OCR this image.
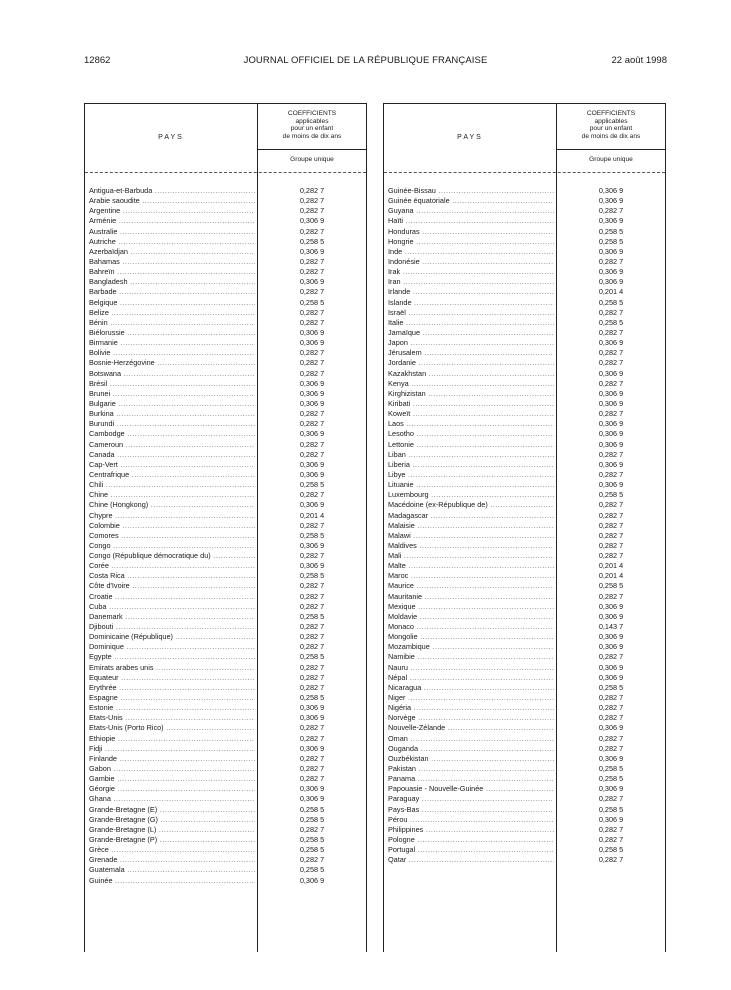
12862	JOURNAL OFFICIEL DE LA RÉPUBLIQUE FRANÇAISE	22 août 1998
PAYS
COEFFICIENTS
applicables
pour un enfant
de moins de dix ans
Groupe unique
Antigua-et-Barbuda .....	0,282 7
Arabie saoudite .....	0,282 7
Argentine .....	0,282 7
Arménie .....	0,306 9
Australie .....	0,282 7
Autriche .....	0,258 5
Azerbaïdjan .....	0,306 9
Bahamas .....	0,282 7
Bahreïn .....	0,282 7
Bangladesh .....	0,306 9
Barbade .....	0,282 7
Belgique .....	0,258 5
Belize .....	0,282 7
Bénin .....	0,282 7
Biélorussie .....	0,306 9
Birmanie .....	0,306 9
Bolivie .....	0,282 7
Bosnie-Herzégovine .....	0,282 7
Botswana .....	0,282 7
Brésil .....	0,306 9
Brunei .....	0,306 9
Bulgarie .....	0,306 9
Burkina .....	0,282 7
Burundi .....	0,282 7
Cambodge .....	0,306 9
Cameroun .....	0,282 7
Canada .....	0,282 7
Cap-Vert .....	0,306 9
Centrafrique .....	0,306 9
Chili .....	0,258 5
Chine .....	0,282 7
Chine (Hongkong) .....	0,306 9
Chypre .....	0,201 4
Colombie .....	0,282 7
Comores .....	0,258 5
Congo .....	0,306 9
Congo (République démocratique du) .....	0,282 7
Corée .....	0,306 9
Costa Rica .....	0,258 5
Côte d'Ivoire .....	0,282 7
Croatie .....	0,282 7
Cuba .....	0,282 7
Danemark .....	0,258 5
Djibouti .....	0,282 7
Dominicaine (République) .....	0,282 7
Dominique .....	0,282 7
Egypte .....	0,258 5
Emirats arabes unis .....	0,282 7
Equateur .....	0,282 7
Erythrée .....	0,282 7
Espagne .....	0,258 5
Estonie .....	0,306 9
Etats-Unis .....	0,306 9
Etats-Unis (Porto Rico) .....	0,282 7
Ethiopie .....	0,282 7
Fidji .....	0,306 9
Finlande .....	0,282 7
Gabon .....	0,282 7
Gambie .....	0,282 7
Géorgie .....	0,306 9
Ghana .....	0,306 9
Grande-Bretagne (E) .....	0,258 5
Grande-Bretagne (G) .....	0,258 5
Grande-Bretagne (L) .....	0,282 7
Grande-Bretagne (P) .....	0,258 5
Grèce .....	0,258 5
Grenade .....	0,282 7
Guatemala .....	0,258 5
Guinée .....	0,306 9
PAYS
COEFFICIENTS
applicables
pour un enfant
de moins de dix ans
Groupe unique
Guinée-Bissau .....	0,306 9
Guinée équatoriale .....	0,306 9
Guyana .....	0,282 7
Haïti .....	0,306 9
Honduras .....	0,258 5
Hongrie .....	0,258 5
Inde .....	0,306 9
Indonésie .....	0,282 7
Irak .....	0,306 9
Iran .....	0,306 9
Irlande .....	0,201 4
Islande .....	0,258 5
Israël .....	0,282 7
Italie .....	0,258 5
Jamaïque .....	0,282 7
Japon .....	0,306 9
Jérusalem .....	0,282 7
Jordanie .....	0,282 7
Kazakhstan .....	0,306 9
Kenya .....	0,282 7
Kirghizistan .....	0,306 9
Kiribati .....	0,306 9
Koweït .....	0,282 7
Laos .....	0,306 9
Lesotho .....	0,306 9
Lettonie .....	0,306 9
Liban .....	0,282 7
Liberia .....	0,306 9
Libye .....	0,282 7
Lituanie .....	0,306 9
Luxembourg .....	0,258 5
Macédoine (ex-République de) .....	0,282 7
Madagascar .....	0,282 7
Malaisie .....	0,282 7
Malawi .....	0,282 7
Maldives .....	0,282 7
Mali .....	0,282 7
Malte .....	0,201 4
Maroc .....	0,201 4
Maurice .....	0,258 5
Mauritanie .....	0,282 7
Mexique .....	0,306 9
Moldavie .....	0,306 9
Monaco .....	0,143 7
Mongolie .....	0,306 9
Mozambique .....	0,306 9
Namibie .....	0,282 7
Nauru .....	0,306 9
Népal .....	0,306 9
Nicaragua .....	0,258 5
Niger .....	0,282 7
Nigéria .....	0,282 7
Norvège .....	0,282 7
Nouvelle-Zélande .....	0,306 9
Oman .....	0,282 7
Ouganda .....	0,282 7
Ouzbékistan .....	0,306 9
Pakistan .....	0,258 5
Panama .....	0,258 5
Papouasie - Nouvelle-Guinée .....	0,306 9
Paraguay .....	0,282 7
Pays-Bas .....	0,258 5
Pérou .....	0,306 9
Philippines .....	0,282 7
Pologne .....	0,282 7
Portugal .....	0,258 5
Qatar .....	0,282 7
